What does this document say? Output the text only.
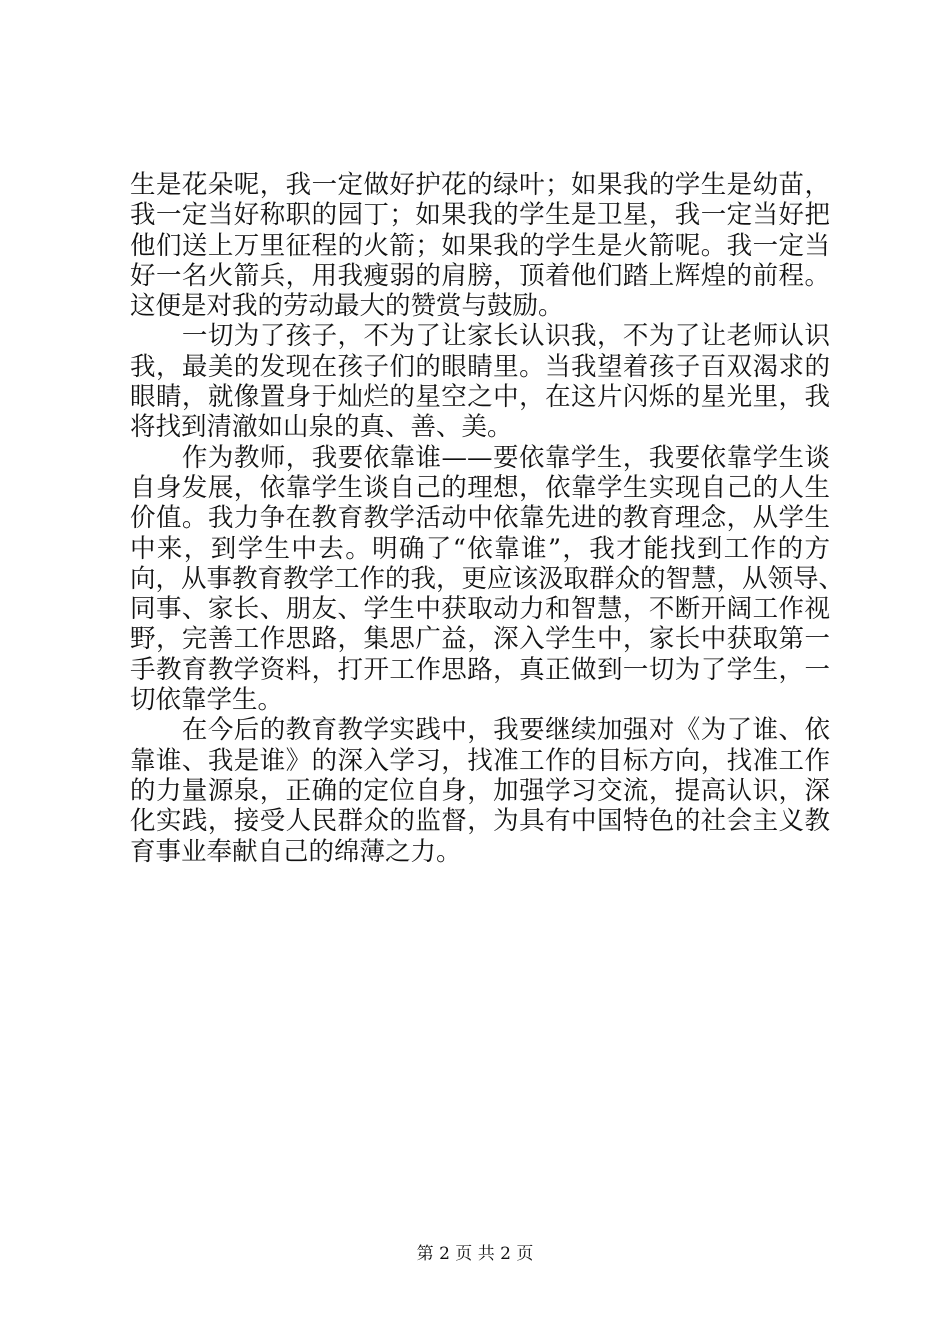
生是花朵呢，我一定做好护花的绿叶；如果我的学生是幼苗，
我一定当好称职的园丁；如果我的学生是卫星，我一定当好把
他们送上万里征程的火箭；如果我的学生是火箭呢。我一定当
好一名火箭兵，用我瘦弱的肩膀，顶着他们踏上辉煌的前程。
这便是对我的劳动最大的赞赏与鼓励。
　　一切为了孩子，不为了让家长认识我，不为了让老师认识
我，最美的发现在孩子们的眼睛里。当我望着孩子百双渴求的
眼睛，就像置身于灿烂的星空之中，在这片闪烁的星光里，我
将找到清澈如山泉的真、善、美。
　　作为教师，我要依靠谁——要依靠学生，我要依靠学生谈
自身发展，依靠学生谈自己的理想，依靠学生实现自己的人生
价值。我力争在教育教学活动中依靠先进的教育理念，从学生
中来，到学生中去。明确了“依靠谁”，我才能找到工作的方
向，从事教育教学工作的我，更应该汲取群众的智慧，从领导、
同事、家长、朋友、学生中获取动力和智慧，不断开阔工作视
野，完善工作思路，集思广益，深入学生中，家长中获取第一
手教育教学资料，打开工作思路，真正做到一切为了学生，一
切依靠学生。
　　在今后的教育教学实践中，我要继续加强对《为了谁、依
靠谁、我是谁》的深入学习，找准工作的目标方向，找准工作
的力量源泉，正确的定位自身，加强学习交流，提高认识，深
化实践，接受人民群众的监督，为具有中国特色的社会主义教
育事业奉献自己的绵薄之力。
第 2 页 共 2 页
